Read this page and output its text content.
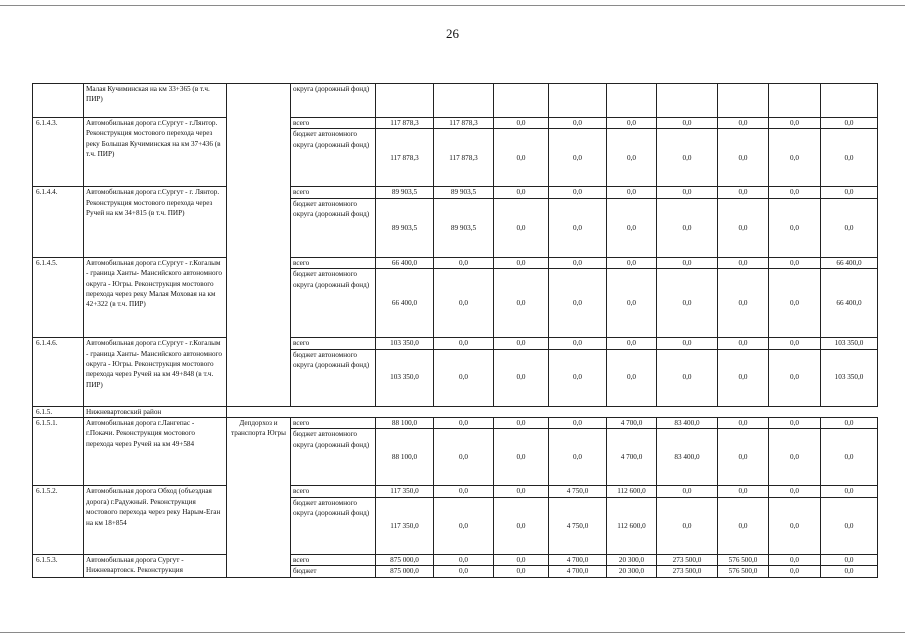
26
	Малая Кучиминская на км 33+365 (в т.ч. ПИР)		округа (дорожный фонд)									
6.1.4.3.	Автомобильная дорога г.Сургут - г.Лянтор. Реконструкция мостового перехода через реку Большая Кучиминская на км 37+436 (в т.ч. ПИР)		всего	117 878,3	117 878,3	0,0	0,0	0,0	0,0	0,0	0,0	0,0
			бюджет автономного округа (дорожный фонд)	117 878,3	117 878,3	0,0	0,0	0,0	0,0	0,0	0,0	0,0
6.1.4.4.	Автомобильная дорога г.Сургут - г. Лянтор. Реконструкция мостового перехода через Ручей на км 34+815 (в т.ч. ПИР)		всего	89 903,5	89 903,5	0,0	0,0	0,0	0,0	0,0	0,0	0,0
			бюджет автономного округа (дорожный фонд)	89 903,5	89 903,5	0,0	0,0	0,0	0,0	0,0	0,0	0,0
6.1.4.5.	Автомобильная дорога г.Сургут - г.Когалым - граница Ханты- Мансийского автономного округа - Югры. Реконструкция мостового перехода через реку Малая Моховая на км 42+322 (в т.ч. ПИР)		всего	66 400,0	0,0	0,0	0,0	0,0	0,0	0,0	0,0	66 400,0
			бюджет автономного округа (дорожный фонд)	66 400,0	0,0	0,0	0,0	0,0	0,0	0,0	0,0	66 400,0
6.1.4.6.	Автомобильная дорога г.Сургут - г.Когалым - граница Ханты- Мансийского автономного округа - Югры. Реконструкция мостового перехода через Ручей на км 49+848 (в т.ч. ПИР)		всего	103 350,0	0,0	0,0	0,0	0,0	0,0	0,0	0,0	103 350,0
			бюджет автономного округа (дорожный фонд)	103 350,0	0,0	0,0	0,0	0,0	0,0	0,0	0,0	103 350,0
6.1.5.	Нижневартовский район											
6.1.5.1.	Автомобильная дорога г.Лангепас - г.Покачи. Реконструкция мостового перехода через Ручей на км 49+584	Депдорхоз и транспорта Югры	всего	88 100,0	0,0	0,0	0,0	4 700,0	83 400,0	0,0	0,0	0,0
			бюджет автономного округа (дорожный фонд)	88 100,0	0,0	0,0	0,0	4 700,0	83 400,0	0,0	0,0	0,0
6.1.5.2.	Автомобильная дорога Обход (объездная дорога) г.Радужный. Реконструкция мостового перехода через реку Нарым-Еган на км 18+854		всего	117 350,0	0,0	0,0	4 750,0	112 600,0	0,0	0,0	0,0	0,0
			бюджет автономного округа (дорожный фонд)	117 350,0	0,0	0,0	4 750,0	112 600,0	0,0	0,0	0,0	0,0
6.1.5.3.	Автомобильная дорога Сургут - Нижневартовск. Реконструкция		всего	875 000,0	0,0	0,0	4 700,0	20 300,0	273 500,0	576 500,0	0,0	0,0
			бюджет	875 000,0	0,0	0,0	4 700,0	20 300,0	273 500,0	576 500,0	0,0	0,0
